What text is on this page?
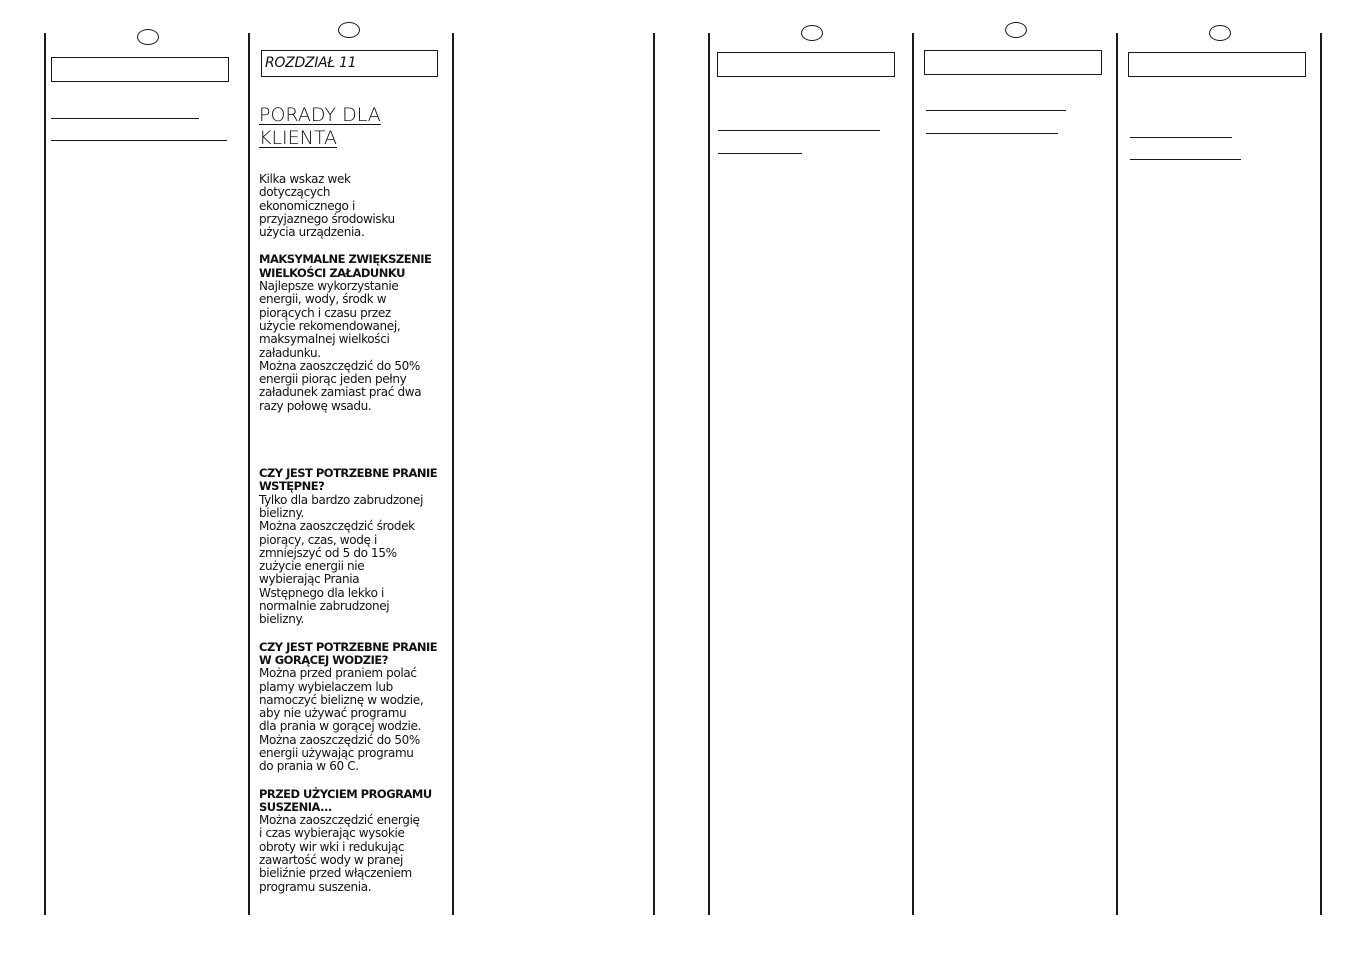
ROZDZIAŁ 11
PORADY DLA
KLIENTA

Kilka wskaz wek
dotyczących
ekonomicznego i
przyjaznego środowisku
użycia urządzenia.

MAKSYMALNE ZWIĘKSZENIE
WIELKOŚCI ZAŁADUNKU

Najlepsze wykorzystanie
energii, wody, środk w
piorących i czasu przez
użycie rekomendowanej,
maksymalnej wielkości
załadunku.
Można zaoszczędzić do 50%
energii piorąc jeden pełny
załadunek zamiast prać dwa
razy połowę wsadu.

CZY JEST POTRZEBNE PRANIE
WSTĘPNE?

Tylko dla bardzo zabrudzonej
bielizny.
Można zaoszczędzić środek
piorący, czas, wodę i
zmniejszyć od 5 do 15%
zużycie energii nie
wybierając Prania
Wstępnego dla lekko i
normalnie zabrudzonej
bielizny.

CZY JEST POTRZEBNE PRANIE
W GORĄCEJ WODZIE?

Można przed praniem polać
plamy wybielaczem lub
namoczyć bieliznę w wodzie,
aby nie używać programu
dla prania w gorącej wodzie.
Można zaoszczędzić do 50%
energii używając programu
do prania w 60 C.

PRZED UŻYCIEM PROGRAMU
SUSZENIA...

Można zaoszczędzić energię
i czas wybierając wysokie
obroty wir wki i redukując
zawartość wody w pranej
bieliźnie przed włączeniem
programu suszenia.
